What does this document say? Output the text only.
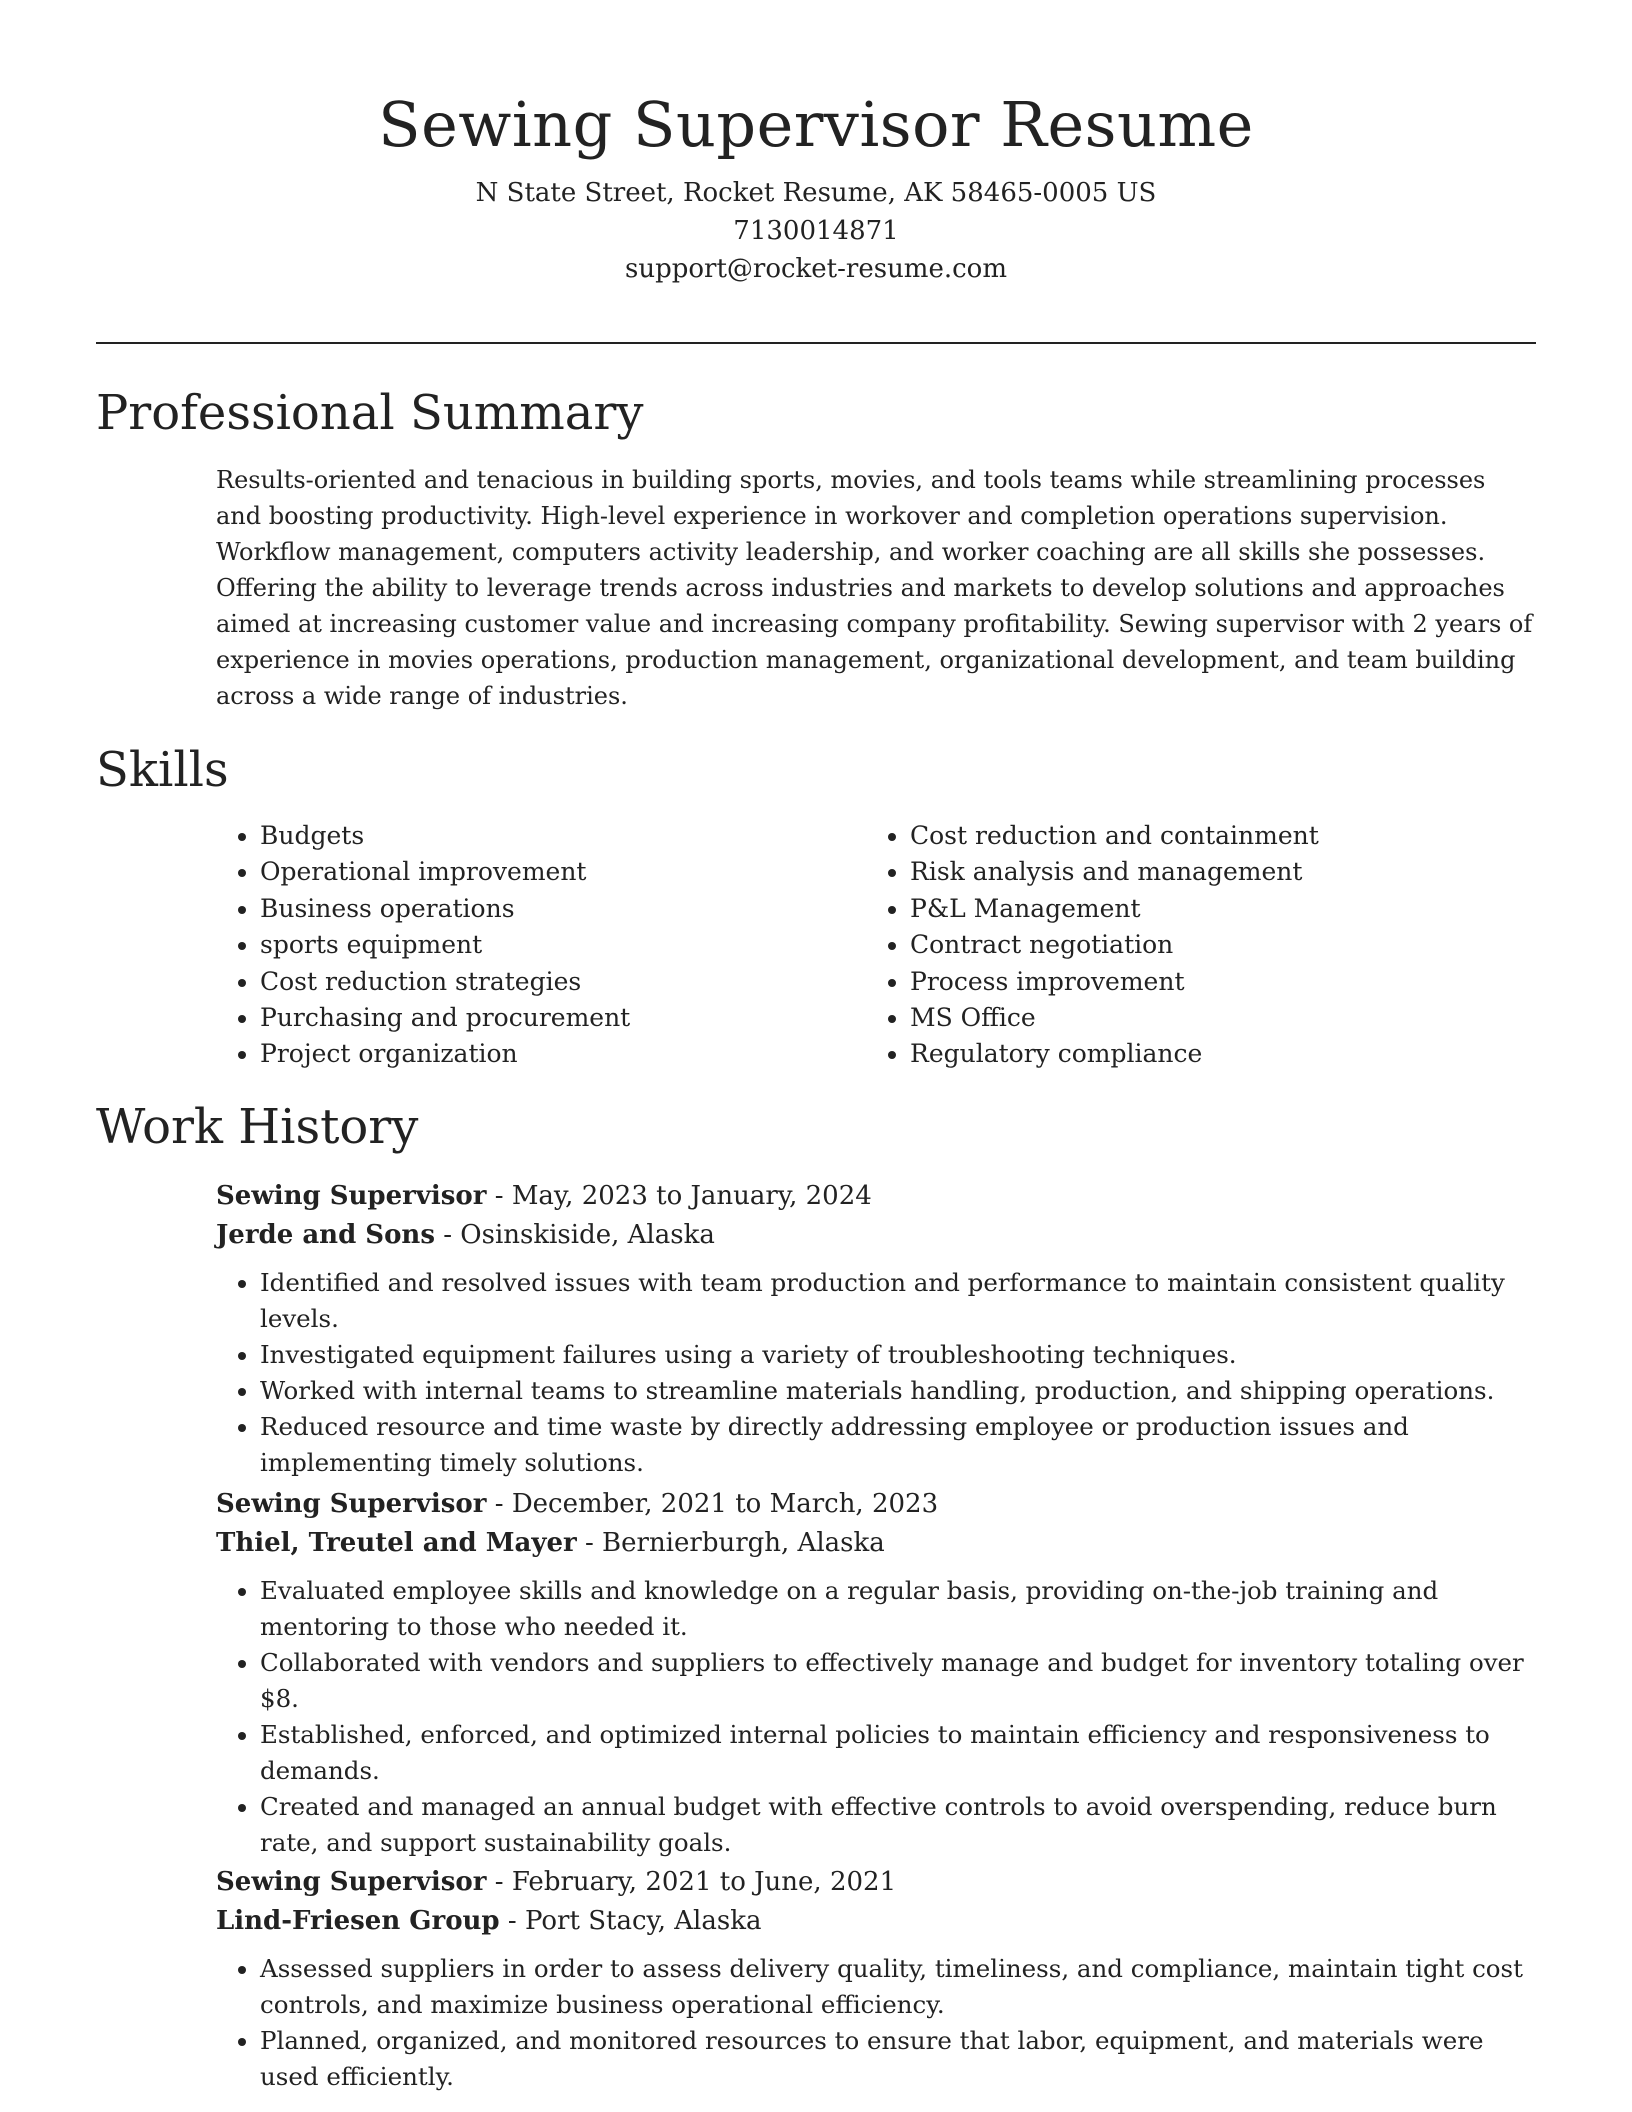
Sewing Supervisor Resume
N State Street, Rocket Resume, AK 58465-0005 US
7130014871
support@rocket-resume.com
Professional Summary
Results-oriented and tenacious in building sports, movies, and tools teams while streamlining processes and boosting productivity. High-level experience in workover and completion operations supervision. Workflow management, computers activity leadership, and worker coaching are all skills she possesses. Offering the ability to leverage trends across industries and markets to develop solutions and approaches aimed at increasing customer value and increasing company profitability. Sewing supervisor with 2 years of experience in movies operations, production management, organizational development, and team building across a wide range of industries.
Skills
• Budgets
• Operational improvement
• Business operations
• sports equipment
• Cost reduction strategies
• Purchasing and procurement
• Project organization
• Cost reduction and containment
• Risk analysis and management
• P&L Management
• Contract negotiation
• Process improvement
• MS Office
• Regulatory compliance
Work History
Sewing Supervisor - May, 2023 to January, 2024
Jerde and Sons - Osinskiside, Alaska
• Identified and resolved issues with team production and performance to maintain consistent quality levels.
• Investigated equipment failures using a variety of troubleshooting techniques.
• Worked with internal teams to streamline materials handling, production, and shipping operations.
• Reduced resource and time waste by directly addressing employee or production issues and implementing timely solutions.
Sewing Supervisor - December, 2021 to March, 2023
Thiel, Treutel and Mayer - Bernierburgh, Alaska
• Evaluated employee skills and knowledge on a regular basis, providing on-the-job training and mentoring to those who needed it.
• Collaborated with vendors and suppliers to effectively manage and budget for inventory totaling over $8.
• Established, enforced, and optimized internal policies to maintain efficiency and responsiveness to demands.
• Created and managed an annual budget with effective controls to avoid overspending, reduce burn rate, and support sustainability goals.
Sewing Supervisor - February, 2021 to June, 2021
Lind-Friesen Group - Port Stacy, Alaska
• Assessed suppliers in order to assess delivery quality, timeliness, and compliance, maintain tight cost controls, and maximize business operational efficiency.
• Planned, organized, and monitored resources to ensure that labor, equipment, and materials were used efficiently.
